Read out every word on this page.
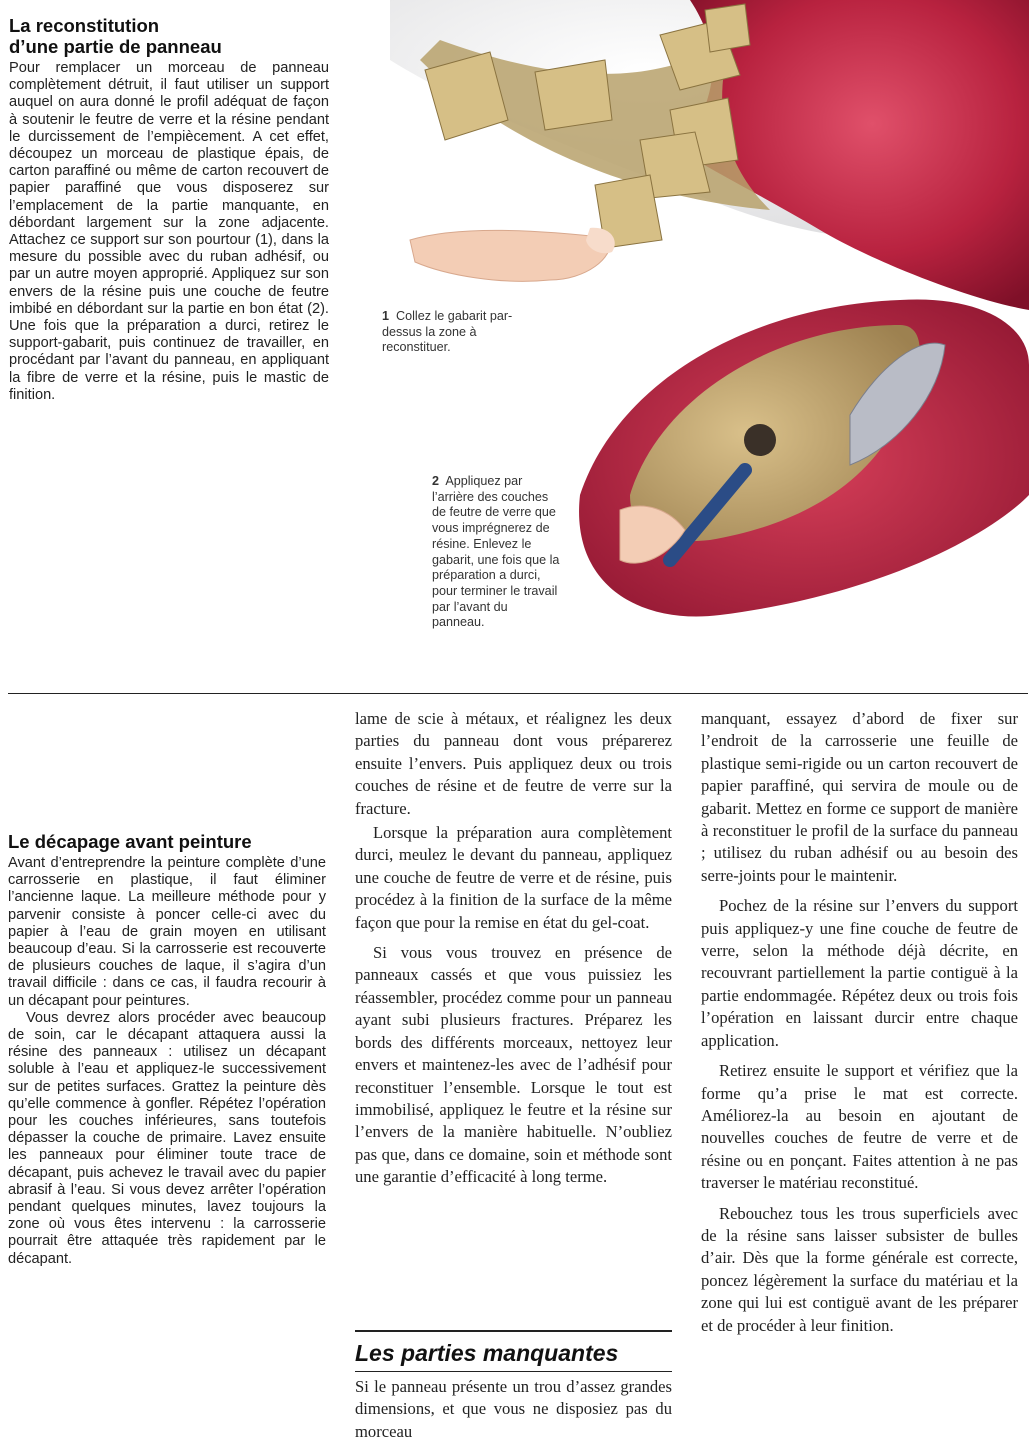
La reconstitution
d’une partie de panneau

Pour remplacer un morceau de panneau complètement détruit, il faut utiliser un support auquel on aura donné le profil adéquat de façon à soutenir le feutre de verre et la résine pendant le durcissement de l’empiècement. A cet effet, découpez un morceau de plastique épais, de carton paraffiné ou même de carton recouvert de papier paraffiné que vous disposerez sur l’emplacement de la partie manquante, en débordant largement sur la zone adjacente. Attachez ce support sur son pourtour (1), dans la mesure du possible avec du ruban adhésif, ou par un autre moyen approprié. Appliquez sur son envers de la résine puis une couche de feutre imbibé en débordant sur la partie en bon état (2). Une fois que la préparation a durci, retirez le support-gabarit, puis continuez de travailler, en procédant par l’avant du panneau, en appliquant la fibre de verre et la résine, puis le mastic de finition.

1 Collez le gabarit par-dessus la zone à reconstituer.

2 Appliquez par l’arrière des couches de feutre de verre que vous imprégnerez de résine. Enlevez le gabarit, une fois que la préparation a durci, pour terminer le travail par l’avant du panneau.

Le décapage avant peinture

Avant d’entreprendre la peinture complète d’une carrosserie en plastique, il faut éliminer l’ancienne laque. La meilleure méthode pour y parvenir consiste à poncer celle-ci avec du papier à l’eau de grain moyen en utilisant beaucoup d’eau. Si la carrosserie est recouverte de plusieurs couches de laque, il s’agira d’un travail difficile : dans ce cas, il faudra recourir à un décapant pour peintures.

Vous devrez alors procéder avec beaucoup de soin, car le décapant attaquera aussi la résine des panneaux : utilisez un décapant soluble à l’eau et appliquez-le successivement sur de petites surfaces. Grattez la peinture dès qu’elle commence à gonfler. Répétez l’opération pour les couches inférieures, sans toutefois dépasser la couche de primaire. Lavez ensuite les panneaux pour éliminer toute trace de décapant, puis achevez le travail avec du papier abrasif à l’eau. Si vous devez arrêter l’opération pendant quelques minutes, lavez toujours la zone où vous êtes intervenu : la carrosserie pourrait être attaquée très rapidement par le décapant.

lame de scie à métaux, et réalignez les deux parties du panneau dont vous préparerez ensuite l’envers. Puis appliquez deux ou trois couches de résine et de feutre de verre sur la fracture.

Lorsque la préparation aura complètement durci, meulez le devant du panneau, appliquez une couche de feutre de verre et de résine, puis procédez à la finition de la surface de la même façon que pour la remise en état du gel-coat.

Si vous vous trouvez en présence de panneaux cassés et que vous puissiez les réassembler, procédez comme pour un panneau ayant subi plusieurs fractures. Préparez les bords des différents morceaux, nettoyez leur envers et maintenez-les avec de l’adhésif pour reconstituer l’ensemble. Lorsque le tout est immobilisé, appliquez le feutre et la résine sur l’envers de la manière habituelle. N’oubliez pas que, dans ce domaine, soin et méthode sont une garantie d’efficacité à long terme.

Les parties manquantes

Si le panneau présente un trou d’assez grandes dimensions, et que vous ne disposiez pas du morceau

manquant, essayez d’abord de fixer sur l’endroit de la carrosserie une feuille de plastique semi-rigide ou un carton recouvert de papier paraffiné, qui servira de moule ou de gabarit. Mettez en forme ce support de manière à reconstituer le profil de la surface du panneau ; utilisez du ruban adhésif ou au besoin des serre-joints pour le maintenir.

Pochez de la résine sur l’envers du support puis appliquez-y une fine couche de feutre de verre, selon la méthode déjà décrite, en recouvrant partiellement la partie contiguë à la partie endommagée. Répétez deux ou trois fois l’opération en laissant durcir entre chaque application.

Retirez ensuite le support et vérifiez que la forme qu’a prise le mat est correcte. Améliorez-la au besoin en ajoutant de nouvelles couches de feutre de verre et de résine ou en ponçant. Faites attention à ne pas traverser le matériau reconstitué.

Rebouchez tous les trous superficiels avec de la résine sans laisser subsister de bulles d’air. Dès que la forme générale est correcte, poncez légèrement la surface du matériau et la zone qui lui est contiguë avant de les préparer et de procéder à leur finition.
